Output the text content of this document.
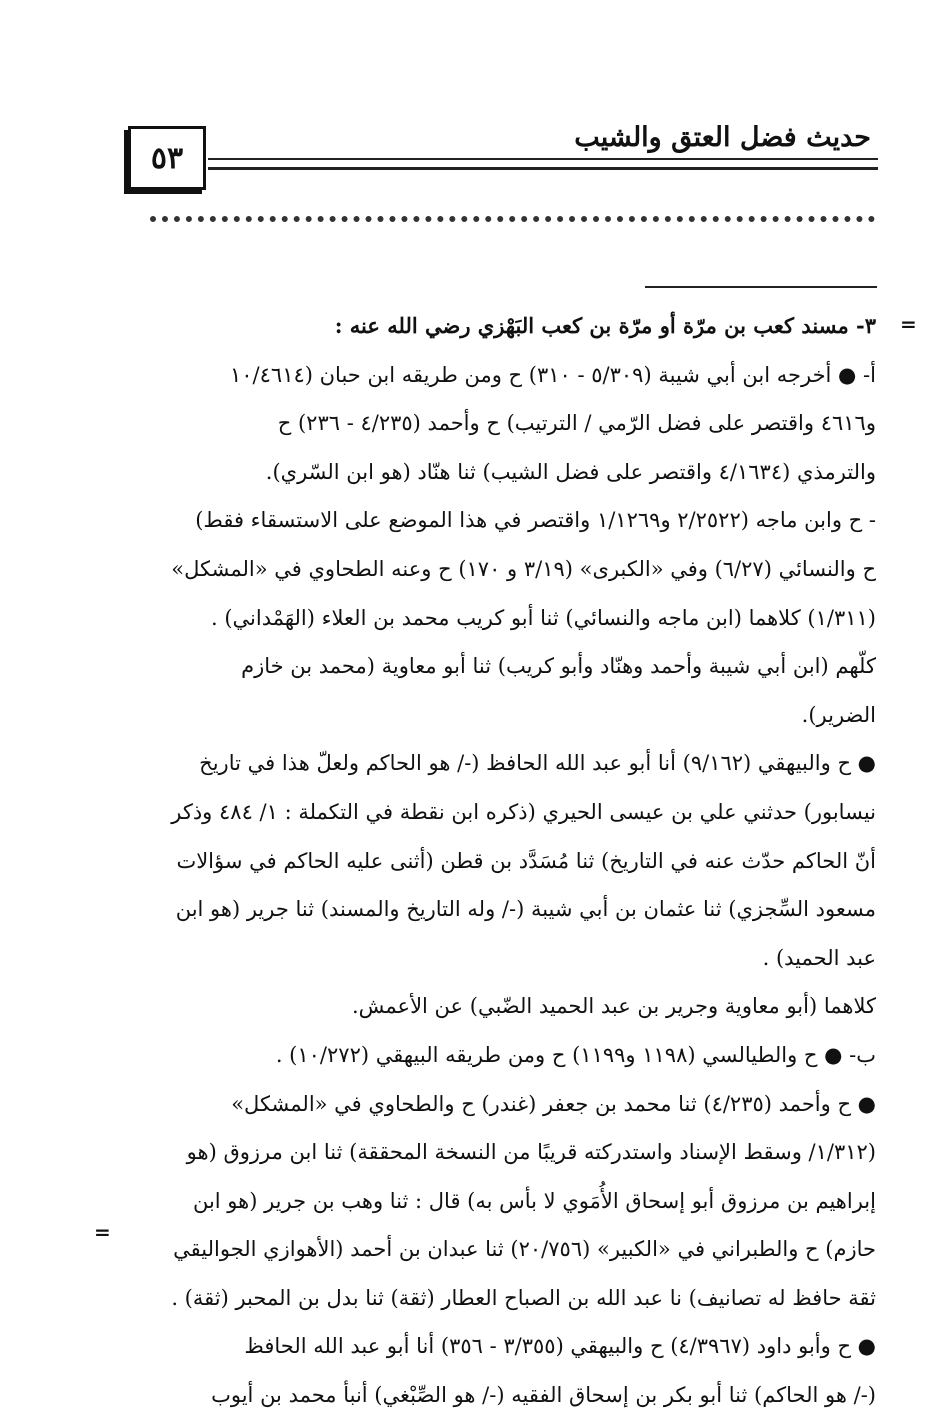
٥٣
حديث فضل العتق والشيب
=
=
٣- مسند كعب بن مرّة أو مرّة بن كعب البَهْزي رضي الله عنه :
أ- ● أخرجه ابن أبي شيبة (٥/٣٠٩ - ٣١٠) ح ومن طريقه ابن حبان (١٠/٤٦١٤
و٤٦١٦ واقتصر على فضل الرّمي / الترتيب) ح وأحمد (٤/٢٣٥ - ٢٣٦) ح
والترمذي (٤/١٦٣٤ واقتصر على فضل الشيب) ثنا هنّاد (هو ابن السّري).
- ح وابن ماجه (٢/٢٥٢٢ و١/١٢٦٩ واقتصر في هذا الموضع على الاستسقاء فقط)
ح والنسائي (٦/٢٧) وفي «الكبرى» (٣/١٩ و ١٧٠) ح وعنه الطحاوي في «المشكل»
(١/٣١١) كلاهما (ابن ماجه والنسائي) ثنا أبو كريب محمد بن العلاء (الهَمْداني) .
كلّهم (ابن أبي شيبة وأحمد وهنّاد وأبو كريب) ثنا أبو معاوية (محمد بن خازم
الضرير).
● ح والبيهقي (٩/١٦٢) أنا أبو عبد الله الحافظ (-/ هو الحاكم ولعلّ هذا في تاريخ
نيسابور) حدثني علي بن عيسى الحيري (ذكره ابن نقطة في التكملة : ١/ ٤٨٤ وذكر
أنّ الحاكم حدّث عنه في التاريخ) ثنا مُسَدَّد بن قطن (أثنى عليه الحاكم في سؤالات
مسعود السِّجزي) ثنا عثمان بن أبي شيبة (-/ وله التاريخ والمسند) ثنا جرير (هو ابن
عبد الحميد) .
كلاهما (أبو معاوية وجرير بن عبد الحميد الضّبي) عن الأعمش.
ب- ● ح والطيالسي (١١٩٨ و١١٩٩) ح ومن طريقه البيهقي (١٠/٢٧٢) .
● ح وأحمد (٤/٢٣٥) ثنا محمد بن جعفر (غندر) ح والطحاوي في «المشكل»
(١/٣١٢/ وسقط الإسناد واستدركته قريبًا من النسخة المحققة) ثنا ابن مرزوق (هو
إبراهيم بن مرزوق أبو إسحاق الأُمَوي لا بأس به) قال : ثنا وهب بن جرير (هو ابن
حازم) ح والطبراني في «الكبير» (٢٠/٧٥٦) ثنا عبدان بن أحمد (الأهوازي الجواليقي
ثقة حافظ له تصانيف) نا عبد الله بن الصباح العطار (ثقة) ثنا بدل بن المحبر (ثقة) .
● ح وأبو داود (٤/٣٩٦٧) ح والبيهقي (٣/٣٥٥ - ٣٥٦) أنا أبو عبد الله الحافظ
(-/ هو الحاكم) ثنا أبو بكر بن إسحاق الفقيه (-/ هو الصِّبْغي) أنبأ محمد بن أيوب
